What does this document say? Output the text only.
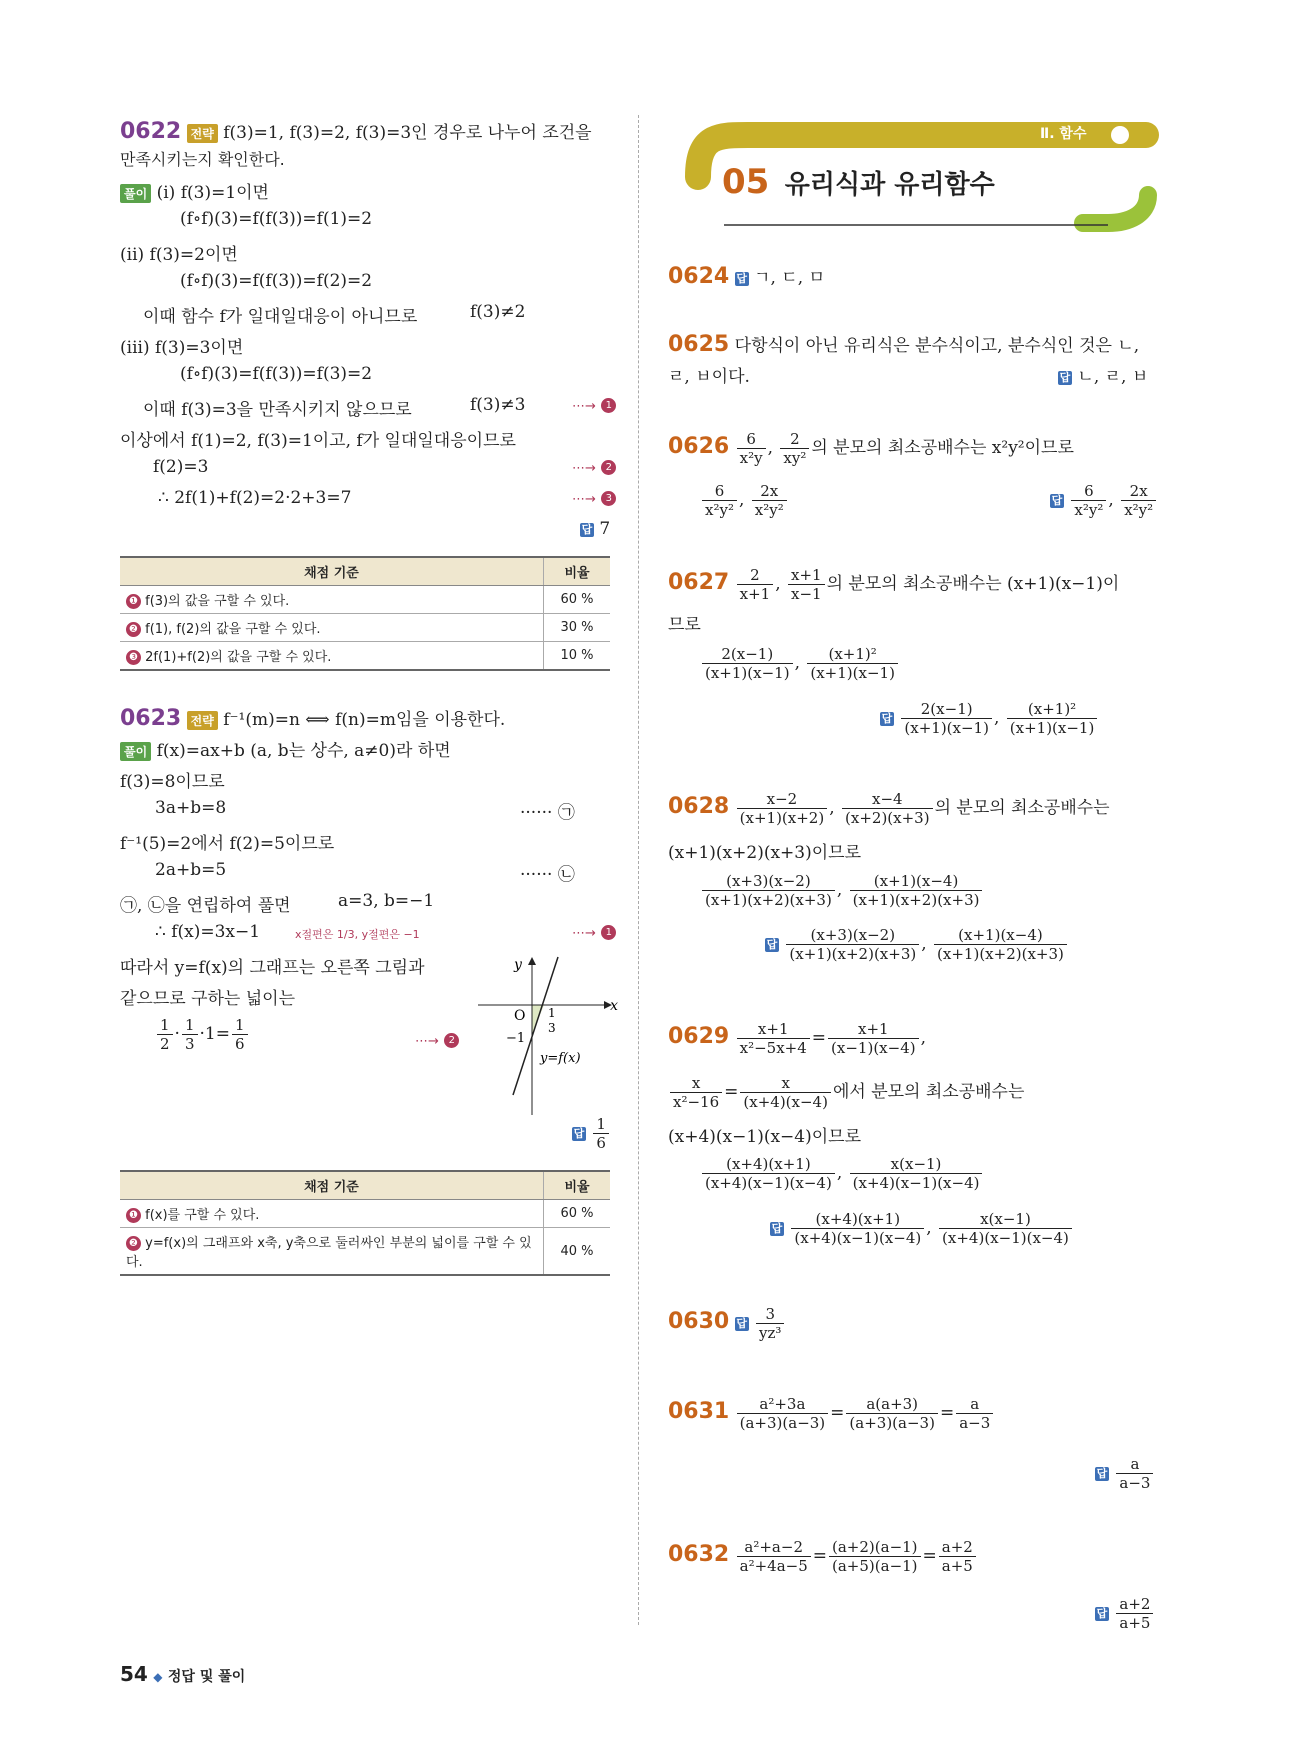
0622 전략 f(3)=1, f(3)=2, f(3)=3인 경우로 나누어 조건을
만족시키는지 확인한다.
풀이 (i) f(3)=1이면
(f∘f)(3)=f(f(3))=f(1)=2
(ii) f(3)=2이면
(f∘f)(3)=f(f(3))=f(2)=2
이때 함수 f가 일대일대응이 아니므로	f(3)≠2
(iii) f(3)=3이면
(f∘f)(3)=f(f(3))=f(3)=2
이때 f(3)=3을 만족시키지 않으므로	f(3)≠3	⋯→ 1
이상에서 f(1)=2, f(3)=1이고, f가 일대일대응이므로
f(2)=3	⋯→ 2
∴ 2f(1)+f(2)=2·2+3=7	⋯→ 3
답 7
채점 기준	비율
❶ f(3)의 값을 구할 수 있다.	60 %
❷ f(1), f(2)의 값을 구할 수 있다.	30 %
❸ 2f(1)+f(2)의 값을 구할 수 있다.	10 %
0623 전략 f⁻¹(m)=n ⟺ f(n)=m임을 이용한다.
풀이 f(x)=ax+b (a, b는 상수, a≠0)라 하면
f(3)=8이므로
3a+b=8	······ ㉠
f⁻¹(5)=2에서 f(2)=5이므로
2a+b=5	······ ㉡
㉠, ㉡을 연립하여 풀면	a=3, b=−1
∴ f(x)=3x−1	x절편은 1/3, y절편은 −1	⋯→ 1
따라서 y=f(x)의 그래프는 오른쪽 그림과
같으므로 구하는 넓이는
$\frac{1}{2} \cdot \frac{1}{3} \cdot 1= \frac{1}{6}$	⋯→ 2
x
y
O 1
3
−1
y=f(x)
답 $\frac{1}{6}$
채점 기준	비율
❶ f(x)를 구할 수 있다.	60 %
❷ y=f(x)의 그래프와 x축, y축으로 둘러싸인 부분의 넓이를 구할 수 있다.	40 %
Ⅱ. 함수
05 유리식과 유리함수
0624 답 ㄱ, ㄷ, ㅁ
0625 다항식이 아닌 유리식은 분수식이고, 분수식인 것은 ㄴ,
ㄹ, ㅂ이다.	답 ㄴ, ㄹ, ㅂ
$0626 \frac{6}{\text{x²y}}$ , $\frac{2}{\text{xy²}}$ 의 분모의 최소공배수는 x²y²이므로
$\frac{6}{\text{x²y²}}$ , $\frac{2x}{\text{x²y²}}$	답 $\frac{6}{\text{x²y²}}$ , $\frac{2x}{\text{x²y²}}$
$0627 \frac{2}{x+1}$ , $\frac{x+1}{x-1}$ 의 분모의 최소공배수는 (x+1)(x−1)이
므로
$\frac{2(x-1)}{(x+1)(x-1)}$ , $\frac{\text{(x+1)²}}{(x+1)(x-1)}$
답 $\frac{2(x-1)}{(x+1)(x-1)}$ , $\frac{\text{(x+1)²}}{(x+1)(x-1)}$
$0628 \frac{x-2}{(x+1)(x+2)}$ , $\frac{x-4}{(x+2)(x+3)}$ 의 분모의 최소공배수는
(x+1)(x+2)(x+3)이므로
$\frac{(x+3)(x-2)}{(x+1)(x+2)(x+3)}$ , $\frac{(x+1)(x-4)}{(x+1)(x+2)(x+3)}$
답 $\frac{(x+3)(x-2)}{(x+1)(x+2)(x+3)}$ , $\frac{(x+1)(x-4)}{(x+1)(x+2)(x+3)}$
$0629 \frac{x+1}{\text{x²−5x+4}} = \frac{x+1}{(x-1)(x-4)}$ ,
$\frac{x}{\text{x²−16}} = \frac{x}{(x+4)(x-4)}$ 에서 분모의 최소공배수는
(x+4)(x−1)(x−4)이므로
$\frac{(x+4)(x+1)}{(x+4)(x-1)(x-4)}$ , $\frac{x(x-1)}{(x+4)(x-1)(x-4)}$
답 $\frac{(x+4)(x+1)}{(x+4)(x-1)(x-4)}$ , $\frac{x(x-1)}{(x+4)(x-1)(x-4)}$
0630 답 $\frac{3}{\text{yz³}}$
$0631 \frac{\text{a²+3a}}{(a+3)(a-3)} = \frac{a(a+3)}{(a+3)(a-3)} = \frac{a}{a-3}$
답 $\frac{a}{a-3}$
$0632 \frac{\text{a²+a−2}}{\text{a²+4a−5}} = \frac{(a+2)(a-1)}{(a+5)(a-1)} = \frac{a+2}{a+5}$
답 $\frac{a+2}{a+5}$
54 ◆ 정답 및 풀이
